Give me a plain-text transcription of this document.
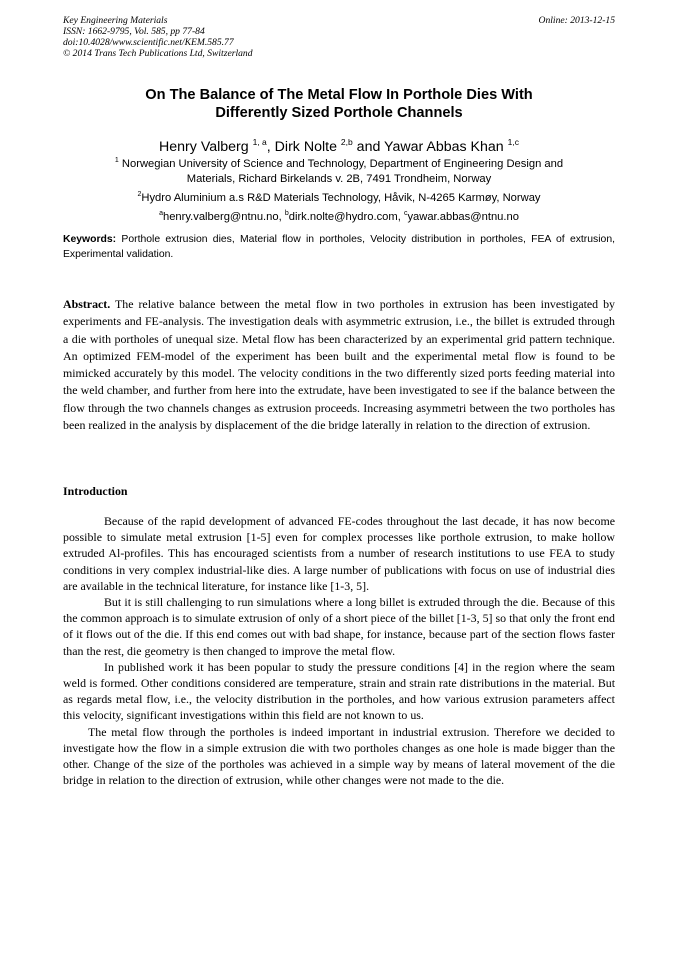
Key Engineering Materials
ISSN: 1662-9795, Vol. 585, pp 77-84
doi:10.4028/www.scientific.net/KEM.585.77
© 2014 Trans Tech Publications Ltd, Switzerland
Online: 2013-12-15
On The Balance of The Metal Flow In Porthole Dies With
Differently Sized Porthole Channels
Henry Valberg $^{1, a}$, Dirk Nolte $^{2,b}$ and Yawar Abbas Khan $^{1,c}$
$^1$ Norwegian University of Science and Technology, Department of Engineering Design and
Materials, Richard Birkelands v. 2B, 7491 Trondheim, Norway
$^2$Hydro Aluminium a.s R&D Materials Technology, Håvik, N-4265 Karmøy, Norway
$^a$henry.valberg@ntnu.no, $^b$dirk.nolte@hydro.com, $^c$yawar.abbas@ntnu.no
Keywords: Porthole extrusion dies, Material flow in portholes, Velocity distribution in portholes, FEA of extrusion, Experimental validation.
Abstract. The relative balance between the metal flow in two portholes in extrusion has been investigated by experiments and FE-analysis. The investigation deals with asymmetric extrusion, i.e., the billet is extruded through a die with portholes of unequal size. Metal flow has been characterized by an experimental grid pattern technique. An optimized FEM-model of the experiment has been built and the experimental metal flow is found to be mimicked accurately by this model. The velocity conditions in the two differently sized ports feeding material into the weld chamber, and further from here into the extrudate, have been investigated to see if the balance between the flow through the two channels changes as extrusion proceeds. Increasing asymmetri between the two portholes has been realized in the analysis by displacement of the die bridge laterally in relation to the direction of extrusion.
Introduction

Because of the rapid development of advanced FE-codes throughout the last decade, it has now become possible to simulate metal extrusion [1-5] even for complex processes like porthole extrusion, to make hollow extruded Al-profiles. This has encouraged scientists from a number of research institutions to use FEA to study conditions in very complex industrial-like dies. A large number of publications with focus on use of industrial dies are available in the technical literature, for instance like [1-3, 5].

But it is still challenging to run simulations where a long billet is extruded through the die. Because of this the common approach is to simulate extrusion of only of a short piece of the billet [1-3, 5] so that only the front end of it flows out of the die. If this end comes out with bad shape, for instance, because part of the section flows faster than the rest, die geometry is then changed to improve the metal flow.

In published work it has been popular to study the pressure conditions [4] in the region where the seam weld is formed. Other conditions considered are temperature, strain and strain rate distributions in the material. But as regards metal flow, i.e., the velocity distribution in the portholes, and how various extrusion parameters affect this velocity, significant investigations within this field are not known to us.

The metal flow through the portholes is indeed important in industrial extrusion. Therefore we decided to investigate how the flow in a simple extrusion die with two portholes changes as one hole is made bigger than the other. Change of the size of the portholes was achieved in a simple way by means of lateral movement of the die bridge in relation to the direction of extrusion, while other changes were not made to the die.
